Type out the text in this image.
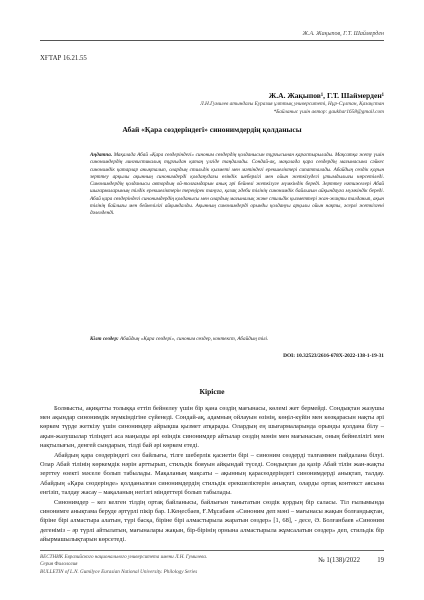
Ж.А. Жақыпов, Г.Т. Шаймерден
ХҒТАР 16.21.55
Ж.А. Жақыпов¹, Г.Т. Шаймерден¹
Л.Н.Гумилев атындағы Еуразия ұлттық университеті, Нұр-Сұлтан, Қазақстан
*Байланыс үшін автор: gaukhar1658@gmail.com
Абай «Қара сөздеріндегі» синонимдердің қолданысы
Аңдатпа. Мақалада Абай «Қара сөздеріндегі» синоним сөздердің қолданысын тұрғысынан қарастырылады. Мақсатқа жету үшін синонимдердің лингвистикалық тұрғыдан қатаң үлгіде таңдалады. Сондай-ақ, мақалада қара сөздердің мағынасына сәйкес синонимдік қатарлар анықталып, олардың стильдік қызметі мен мәтіндегі ерекшеліктері сипатталады. Абайдың сөздік қорын зерттеу арқылы ақынның синонимдерді қолданудағы өзіндік шеберлігі мен ойын жеткізудегі ұтымдылығы көрсетіледі. Синонимдердің қолданысы автордың ой-толғамдарын анық әрі бейнелі жеткізуге мүмкіндік береді. Зерттеу нәтижелері Абай шығармаларының тілдік ерекшеліктерін тереңірек тануға, қазақ әдеби тілінің синонимдік байлығын айқындауға мүмкіндік береді. Абай қара сөздеріндегі синонимдердің қолданысы мен олардың мағыналық және стильдік қызметтері жан-жақты талданып, ақын тілінің байлығы мен бейнелілігі айқындалды. Ақынның синонимдерді орынды қолдануы арқылы ойын нақты, әсерлі жеткізгені дәлелденді.
Кілт сөздер: Абайдың «Қара сөздері», синоним сөздер, контекст, Абайдың тілі.
DOI: 10.32523/2616-678X-2022-138-1-19-31
Кіріспе

Болмысты, ақиқатты толыққа еттіп бейнелеу үшін бір қана сөздің мағынасы, көлемі жет бермейді. Сондықтан жазушы мен ақындар синонимдік мүмкіндігіне сүйенеді. Сондай-ақ, адамның ойлауын өзінің, көңіл-күйін мен көзқарасын нақты әрі көркем түрде жеткізу үшін синонимдер айрықша қызмет атқарады. Олардың ең шығармаларында орынды қолдана білу – ақын-жазушылар тіліндегі аса маңызды әрі өзіндік синонимдер айтылар сөздің мәнін мен мағынасын, оның бейнелілігі мен нақтылығын, денгей сындарын, тілді бай әрі көркем етеді.

Абайдың қара сөздеріндегі сөз байлығы, тілге шеберлік қасиетін бірі – синоним сөздерді талғаммен пайдалана білуі. Олар Абай тілінің көркемдік нәрін арттырып, стильдік бояуын айқындай түседі. Сондықтан да қазір Абай тілін жан-жақты зерттеу өзекті мәселе болып табылады. Мақаланың мақсаты – ақынның қарасөздеріндегі синонимдерді анықтап, талдау. Абайдың «Қара сөздерінде» қолданылған синонимдердің стильдік ерекшеліктерін анықтап, оларды ортақ контекст аясына енгізіп, талдау жасау – мақаланың негізгі міндеттері болып табылады.

Синонимдер – кез келген тілдің ортақ байланысы, байлығын танытатын сөздік қордың бір саласы. Тіл ғылымында синонимге анықтама беруде әртүрлі пікір бар. І.Кеңесбаев, Ғ.Мұсабаев «Синоним деп мәні – мағынасы жақын болғандықтан, біріне бірі алмастыра алатын, түрі басқа, біріне бірі алмастырыла жаратын сөздер» [1, 68], - десе, Ә. Болғанбаев «Синоним дегеніміз – әр түрлі айтылатын, мағыналары жақын, бір-бірінің орнына алмастырыла жұмсалатын сөздер» деп, стильдік бір айырмашылықтарын көрсетеді.

ВЕСТНИК Евразийского национального университета имени Л.Н. Гумилева.
Серия Филология
BULLETIN of L.N. Gumilyov Eurasian National University. Philology Series
№ 1(138)/2022	19
